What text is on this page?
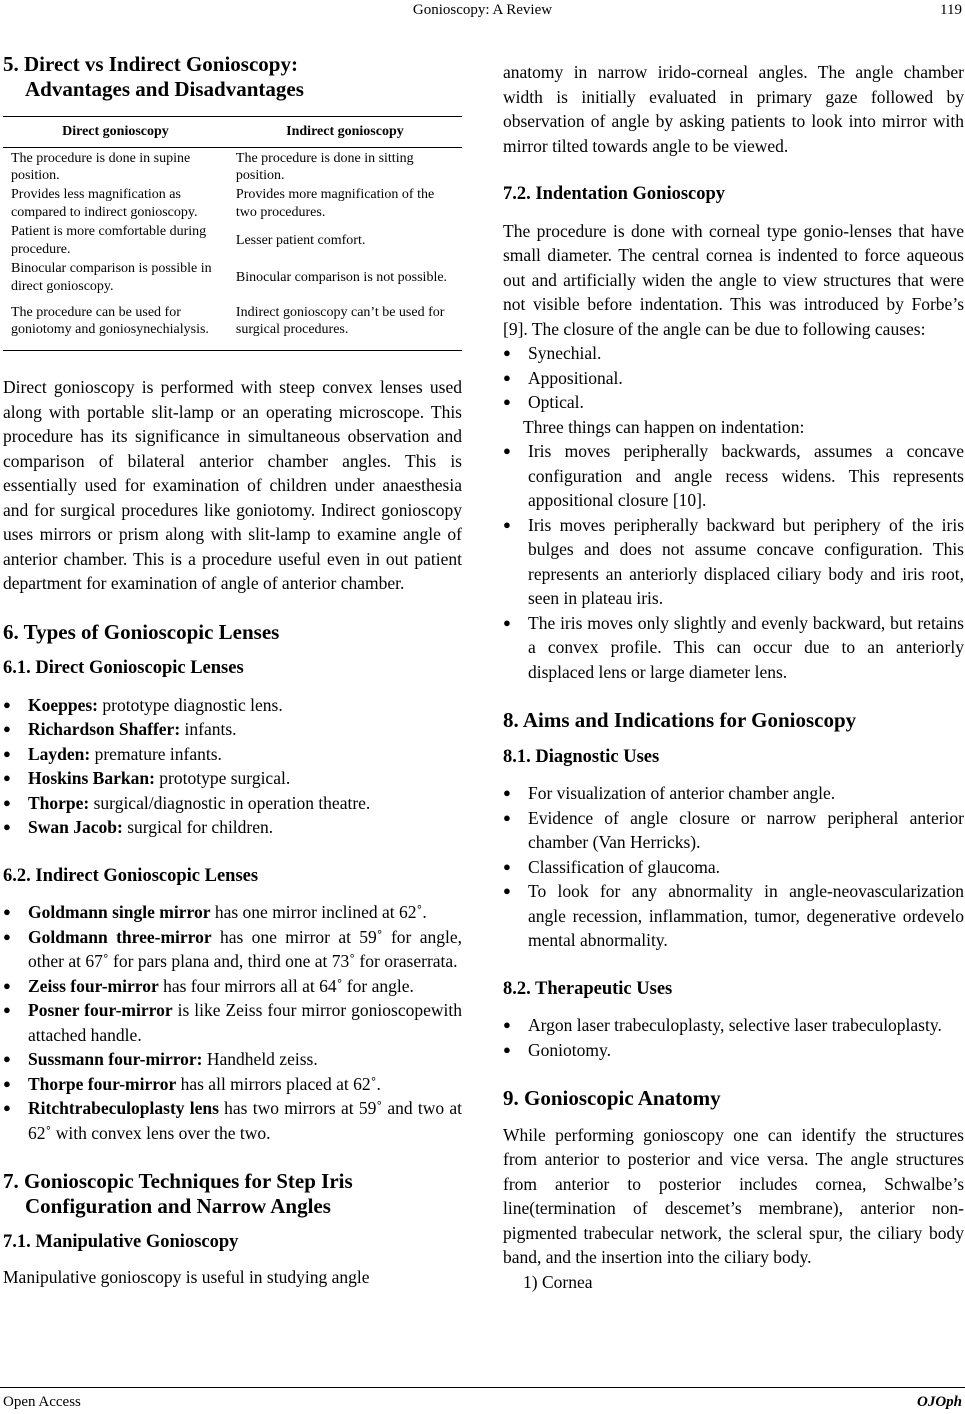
Gonioscopy: A Review	119
5. Direct vs Indirect Gonioscopy:
Advantages and Disadvantages
Direct gonioscopy	Indirect gonioscopy
The procedure is done in supine position.	The procedure is done in sitting position.
Provides less magnification as compared to indirect gonioscopy.	Provides more magnification of the two procedures.
Patient is more comfortable during procedure.	Lesser patient comfort.
Binocular comparison is possible in direct gonioscopy.	Binocular comparison is not possible.
The procedure can be used for goniotomy and goniosynechialysis.	Indirect gonioscopy can’t be used for surgical procedures.

Direct gonioscopy is performed with steep convex lenses used along with portable slit-lamp or an operating microscope. This procedure has its significance in simultaneous observation and comparison of bilateral anterior chamber angles. This is essentially used for examination of children under anaesthesia and for surgical procedures like goniotomy. Indirect gonioscopy uses mirrors or prism along with slit-lamp to examine angle of anterior chamber. This is a procedure useful even in out patient department for examination of angle of anterior chamber.

6. Types of Gonioscopic Lenses
6.1. Direct Gonioscopic Lenses
● Koeppes: prototype diagnostic lens.
● Richardson Shaffer: infants.
● Layden: premature infants.
● Hoskins Barkan: prototype surgical.
● Thorpe: surgical/diagnostic in operation theatre.
● Swan Jacob: surgical for children.
6.2. Indirect Gonioscopic Lenses
● Goldmann single mirror has one mirror inclined at 62˚.
● Goldmann three-mirror has one mirror at 59˚ for angle, other at 67˚ for pars plana and, third one at 73˚ for oraserrata.
● Zeiss four-mirror has four mirrors all at 64˚ for angle.
● Posner four-mirror is like Zeiss four mirror gonioscopewith attached handle.
● Sussmann four-mirror: Handheld zeiss.
● Thorpe four-mirror has all mirrors placed at 62˚.
● Ritchtrabeculoplasty lens has two mirrors at 59˚ and two at 62˚ with convex lens over the two.
7. Gonioscopic Techniques for Step Iris
Configuration and Narrow Angles
7.1. Manipulative Gonioscopy

Manipulative gonioscopy is useful in studying angle

anatomy in narrow irido-corneal angles. The angle chamber width is initially evaluated in primary gaze followed by observation of angle by asking patients to look into mirror with mirror tilted towards angle to be viewed.

7.2. Indentation Gonioscopy

The procedure is done with corneal type gonio-lenses that have small diameter. The central cornea is indented to force aqueous out and artificially widen the angle to view structures that were not visible before indentation. This was introduced by Forbe’s [9]. The closure of the angle can be due to following causes:

● Synechial.
● Appositional.
● Optical.

Three things can happen on indentation:

● Iris moves peripherally backwards, assumes a concave configuration and angle recess widens. This represents appositional closure [10].
● Iris moves peripherally backward but periphery of the iris bulges and does not assume concave configuration. This represents an anteriorly displaced ciliary body and iris root, seen in plateau iris.
● The iris moves only slightly and evenly backward, but retains a convex profile. This can occur due to an anteriorly displaced lens or large diameter lens.
8. Aims and Indications for Gonioscopy
8.1. Diagnostic Uses
● For visualization of anterior chamber angle.
● Evidence of angle closure or narrow peripheral anterior chamber (Van Herricks).
● Classification of glaucoma.
● To look for any abnormality in angle-neovascularization angle recession, inflammation, tumor, degenerative ordevelo mental abnormality.
8.2. Therapeutic Uses
● Argon laser trabeculoplasty, selective laser trabeculoplasty.
● Goniotomy.
9. Gonioscopic Anatomy

While performing gonioscopy one can identify the structures from anterior to posterior and vice versa. The angle structures from anterior to posterior includes cornea, Schwalbe’s line(termination of descemet’s membrane), anterior non-pigmented trabecular network, the scleral spur, the ciliary body band, and the insertion into the ciliary body.

1) Cornea

Open Access	OJOph
